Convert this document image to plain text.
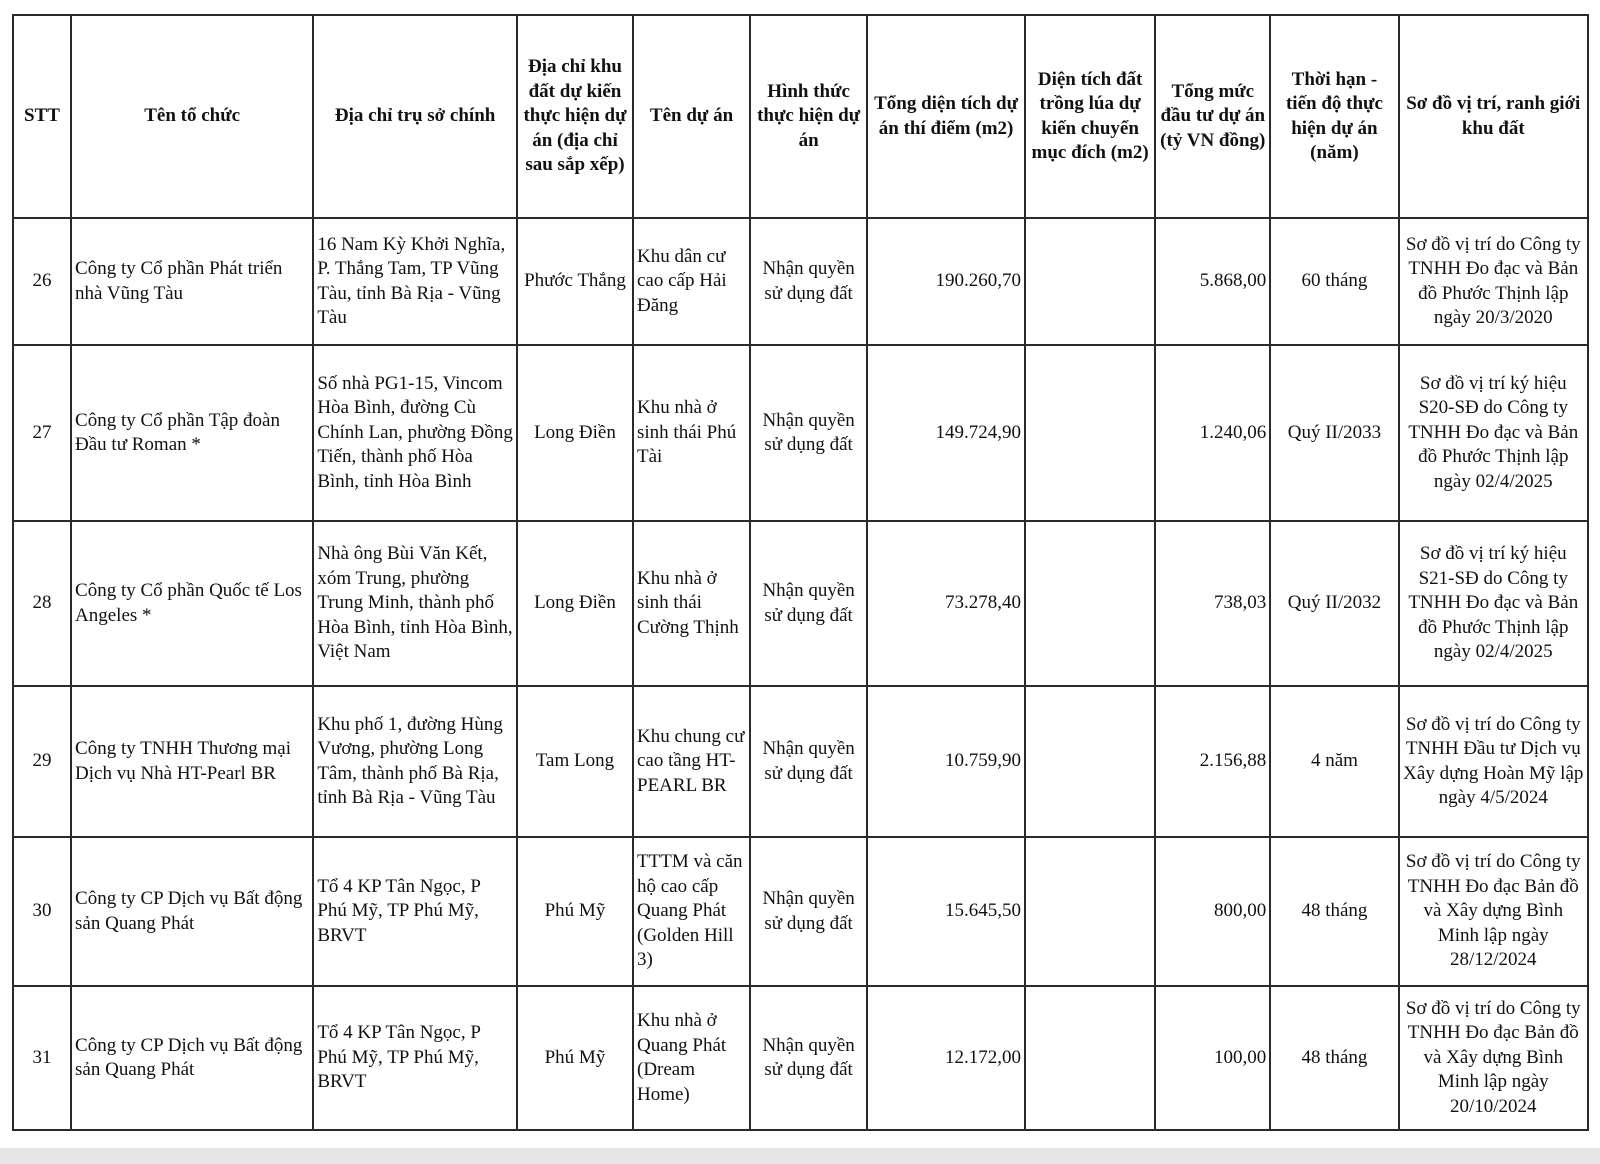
STT	Tên tổ chức	Địa chỉ trụ sở chính	Địa chỉ khu đất dự kiến thực hiện dự án (địa chỉ sau sắp xếp)	Tên dự án	Hình thức thực hiện dự án	Tổng diện tích dự án thí điểm (m2)	Diện tích đất trồng lúa dự kiến chuyển mục đích (m2)	Tổng mức đầu tư dự án (tỷ VN đồng)	Thời hạn - tiến độ thực hiện dự án (năm)	Sơ đồ vị trí, ranh giới khu đất
26	Công ty Cổ phần Phát triển nhà Vũng Tàu	16 Nam Kỳ Khởi Nghĩa, P. Thắng Tam, TP Vũng Tàu, tỉnh Bà Rịa - Vũng Tàu	Phước Thắng	Khu dân cư cao cấp Hải Đăng	Nhận quyền sử dụng đất	190.260,70		5.868,00	60 tháng	Sơ đồ vị trí do Công ty TNHH Đo đạc và Bản đồ Phước Thịnh lập ngày 20/3/2020
27	Công ty Cổ phần Tập đoàn Đầu tư Roman *	Số nhà PG1-15, Vincom Hòa Bình, đường Cù Chính Lan, phường Đồng Tiến, thành phố Hòa Bình, tỉnh Hòa Bình	Long Điền	Khu nhà ở sinh thái Phú Tài	Nhận quyền sử dụng đất	149.724,90		1.240,06	Quý II/2033	Sơ đồ vị trí ký hiệu S20-SĐ do Công ty TNHH Đo đạc và Bản đồ Phước Thịnh lập ngày 02/4/2025
28	Công ty Cổ phần Quốc tế Los Angeles *	Nhà ông Bùi Văn Kết, xóm Trung, phường Trung Minh, thành phố Hòa Bình, tỉnh Hòa Bình, Việt Nam	Long Điền	Khu nhà ở sinh thái Cường Thịnh	Nhận quyền sử dụng đất	73.278,40		738,03	Quý II/2032	Sơ đồ vị trí ký hiệu S21-SĐ do Công ty TNHH Đo đạc và Bản đồ Phước Thịnh lập ngày 02/4/2025
29	Công ty TNHH Thương mại Dịch vụ Nhà HT-Pearl BR	Khu phố 1, đường Hùng Vương, phường Long Tâm, thành phố Bà Rịa, tỉnh Bà Rịa - Vũng Tàu	Tam Long	Khu chung cư cao tầng HT-PEARL BR	Nhận quyền sử dụng đất	10.759,90		2.156,88	4 năm	Sơ đồ vị trí do Công ty TNHH Đầu tư Dịch vụ Xây dựng Hoàn Mỹ lập ngày 4/5/2024
30	Công ty CP Dịch vụ Bất động sản Quang Phát	Tổ 4 KP Tân Ngọc, P Phú Mỹ, TP Phú Mỹ, BRVT	Phú Mỹ	TTTM và căn hộ cao cấp Quang Phát (Golden Hill 3)	Nhận quyền sử dụng đất	15.645,50		800,00	48 tháng	Sơ đồ vị trí do Công ty TNHH Đo đạc Bản đồ và Xây dựng Bình Minh lập ngày 28/12/2024
31	Công ty CP Dịch vụ Bất động sản Quang Phát	Tổ 4 KP Tân Ngọc, P Phú Mỹ, TP Phú Mỹ, BRVT	Phú Mỹ	Khu nhà ở Quang Phát (Dream Home)	Nhận quyền sử dụng đất	12.172,00		100,00	48 tháng	Sơ đồ vị trí do Công ty TNHH Đo đạc Bản đồ và Xây dựng Bình Minh lập ngày 20/10/2024
